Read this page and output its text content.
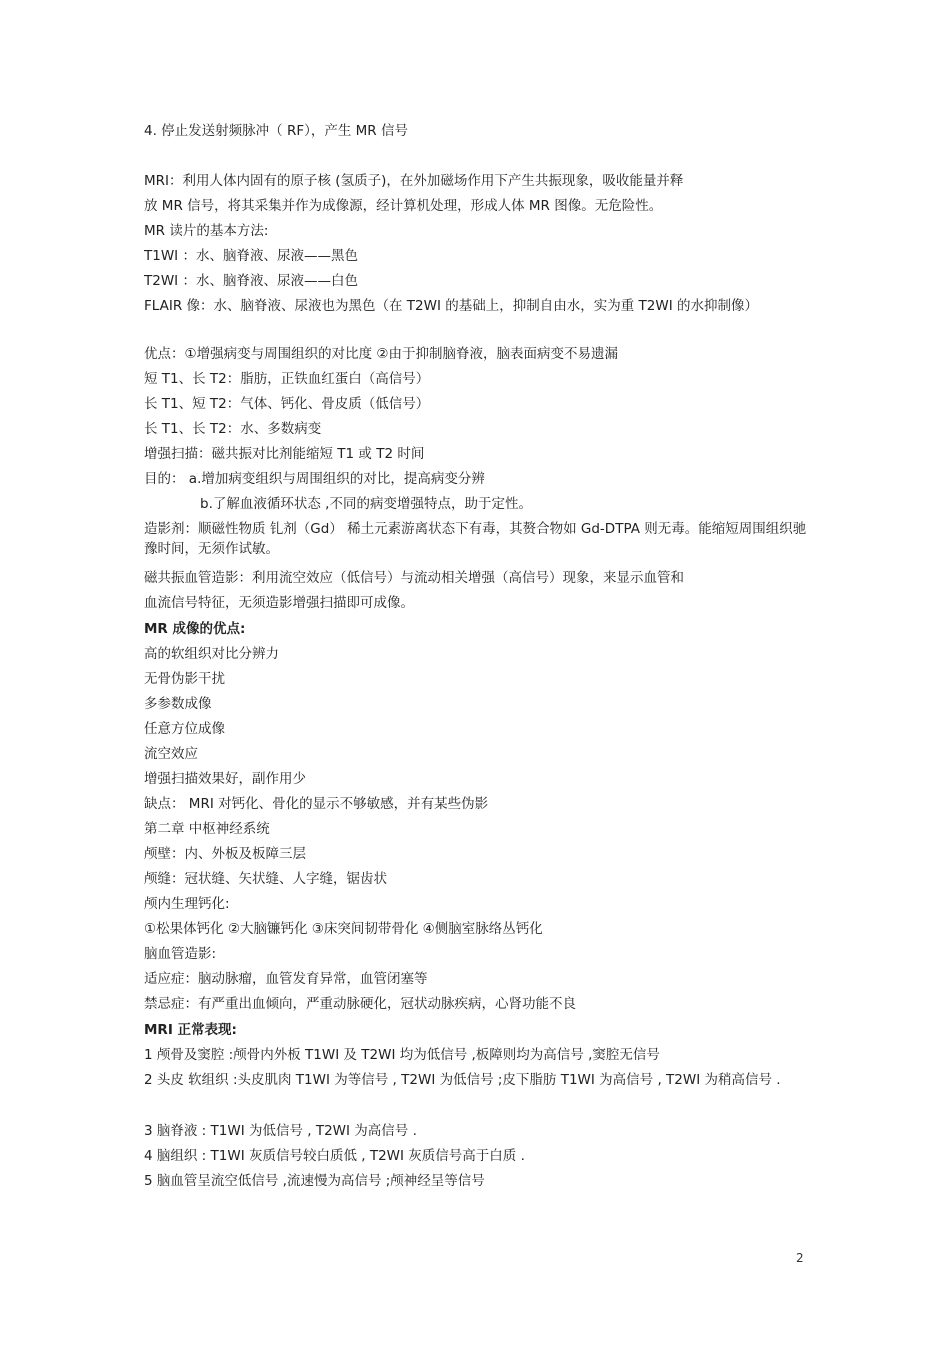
4. 停止发送射频脉冲（ RF），产生 MR 信号
MRI：利用人体内固有的原子核 (氢质子)，在外加磁场作用下产生共振现象，吸收能量并释
放 MR 信号，将其采集并作为成像源，经计算机处理，形成人体 MR 图像。无危险性。
MR 读片的基本方法:
T1WI ：水、脑脊液、尿液——黑色
T2WI ：水、脑脊液、尿液——白色
FLAIR 像：水、脑脊液、尿液也为黑色（在 T2WI 的基础上，抑制自由水，实为重 T2WI 的水抑制像）
优点：①增强病变与周围组织的对比度 ②由于抑制脑脊液，脑表面病变不易遗漏
短 T1、长 T2：脂肪，正铁血红蛋白（高信号）
长 T1、短 T2：气体、钙化、骨皮质（低信号）
长 T1、长 T2：水、多数病变
增强扫描：磁共振对比剂能缩短 T1 或 T2 时间
目的： a.增加病变组织与周围组织的对比，提高病变分辨
b.了解血液循环状态 ,不同的病变增强特点，助于定性。
造影剂：顺磁性物质 钆剂（Gd） 稀土元素游离状态下有毒，其赘合物如 Gd-DTPA 则无毒。能缩短周围组织驰豫时间，无须作试敏。
磁共振血管造影：利用流空效应（低信号）与流动相关增强（高信号）现象，来显示血管和
血流信号特征，无须造影增强扫描即可成像。
MR 成像的优点:
高的软组织对比分辨力
无骨伪影干扰
多参数成像
任意方位成像
流空效应
增强扫描效果好，副作用少
缺点： MRI 对钙化、骨化的显示不够敏感，并有某些伪影
第二章 中枢神经系统
颅壁：内、外板及板障三层
颅缝：冠状缝、矢状缝、人字缝，锯齿状
颅内生理钙化:
①松果体钙化 ②大脑镰钙化 ③床突间韧带骨化 ④侧脑室脉络丛钙化
脑血管造影:
适应症：脑动脉瘤，血管发育异常，血管闭塞等
禁忌症：有严重出血倾向，严重动脉硬化，冠状动脉疾病，心肾功能不良
MRI 正常表现:
1 颅骨及窦腔 :颅骨内外板 T1WI 及 T2WI 均为低信号 ,板障则均为高信号 ,窦腔无信号
2 头皮 软组织 :头皮肌肉 T1WI 为等信号 , T2WI 为低信号 ;皮下脂肪 T1WI 为高信号 , T2WI 为稍高信号 .
3 脑脊液 : T1WI 为低信号 , T2WI 为高信号 .
4 脑组织 : T1WI 灰质信号较白质低 , T2WI 灰质信号高于白质 .
5 脑血管呈流空低信号 ,流速慢为高信号 ;颅神经呈等信号
2
